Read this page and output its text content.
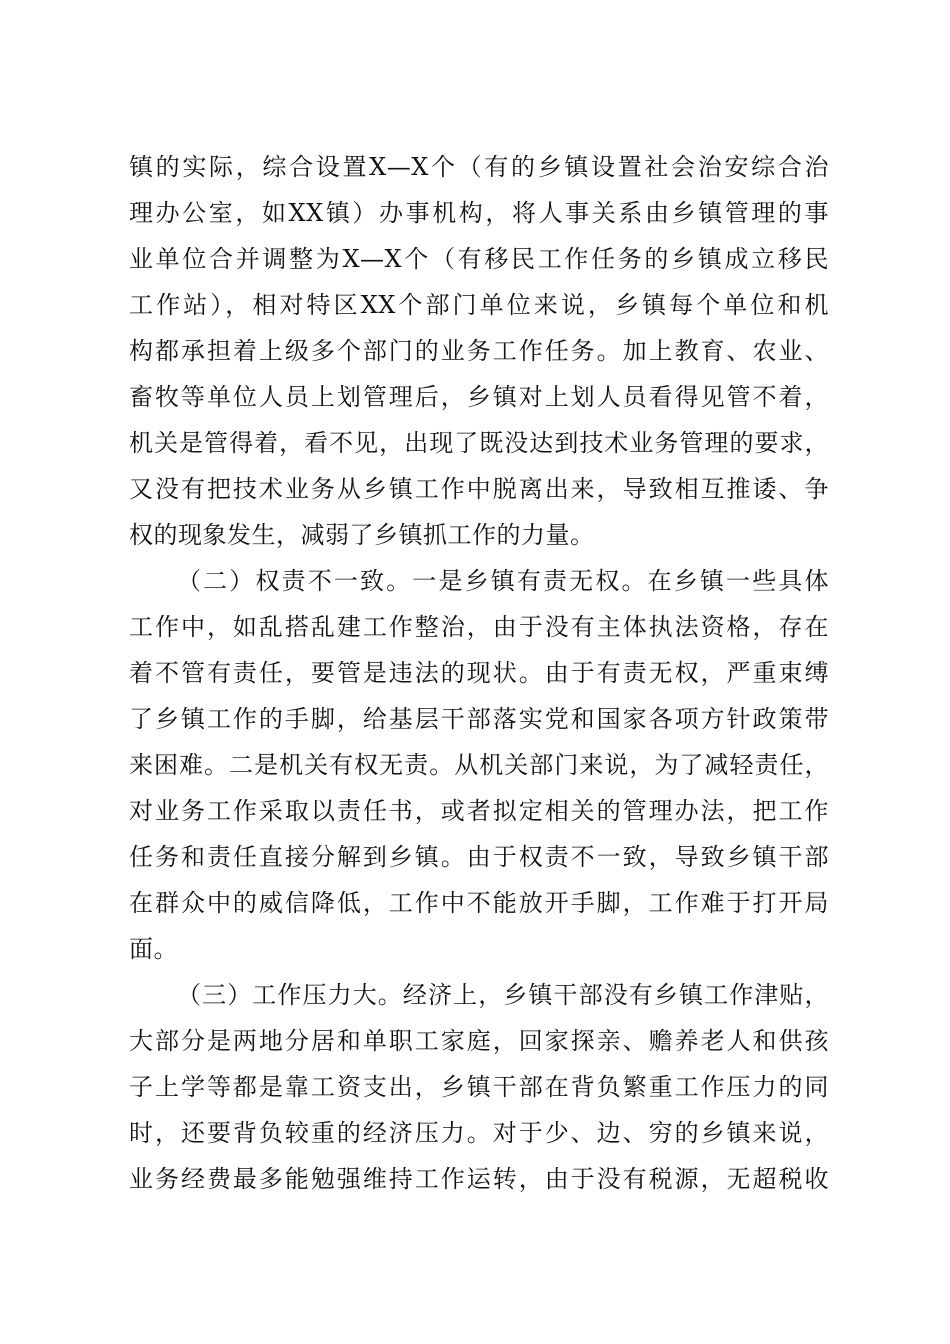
镇的实际，综合设置X—X个（有的乡镇设置社会治安综合治
理办公室，如XX镇）办事机构，将人事关系由乡镇管理的事
业单位合并调整为X—X个（有移民工作任务的乡镇成立移民
工作站），相对特区XX个部门单位来说，乡镇每个单位和机
构都承担着上级多个部门的业务工作任务。加上教育、农业、
畜牧等单位人员上划管理后，乡镇对上划人员看得见管不着，
机关是管得着，看不见，出现了既没达到技术业务管理的要求，
又没有把技术业务从乡镇工作中脱离出来，导致相互推诿、争
权的现象发生，减弱了乡镇抓工作的力量。
（二）权责不一致。一是乡镇有责无权。在乡镇一些具体
工作中，如乱搭乱建工作整治，由于没有主体执法资格，存在
着不管有责任，要管是违法的现状。由于有责无权，严重束缚
了乡镇工作的手脚，给基层干部落实党和国家各项方针政策带
来困难。二是机关有权无责。从机关部门来说，为了减轻责任，
对业务工作采取以责任书，或者拟定相关的管理办法，把工作
任务和责任直接分解到乡镇。由于权责不一致，导致乡镇干部
在群众中的威信降低，工作中不能放开手脚，工作难于打开局
面。
（三）工作压力大。经济上，乡镇干部没有乡镇工作津贴，
大部分是两地分居和单职工家庭，回家探亲、赡养老人和供孩
子上学等都是靠工资支出，乡镇干部在背负繁重工作压力的同
时，还要背负较重的经济压力。对于少、边、穷的乡镇来说，
业务经费最多能勉强维持工作运转，由于没有税源，无超税收
